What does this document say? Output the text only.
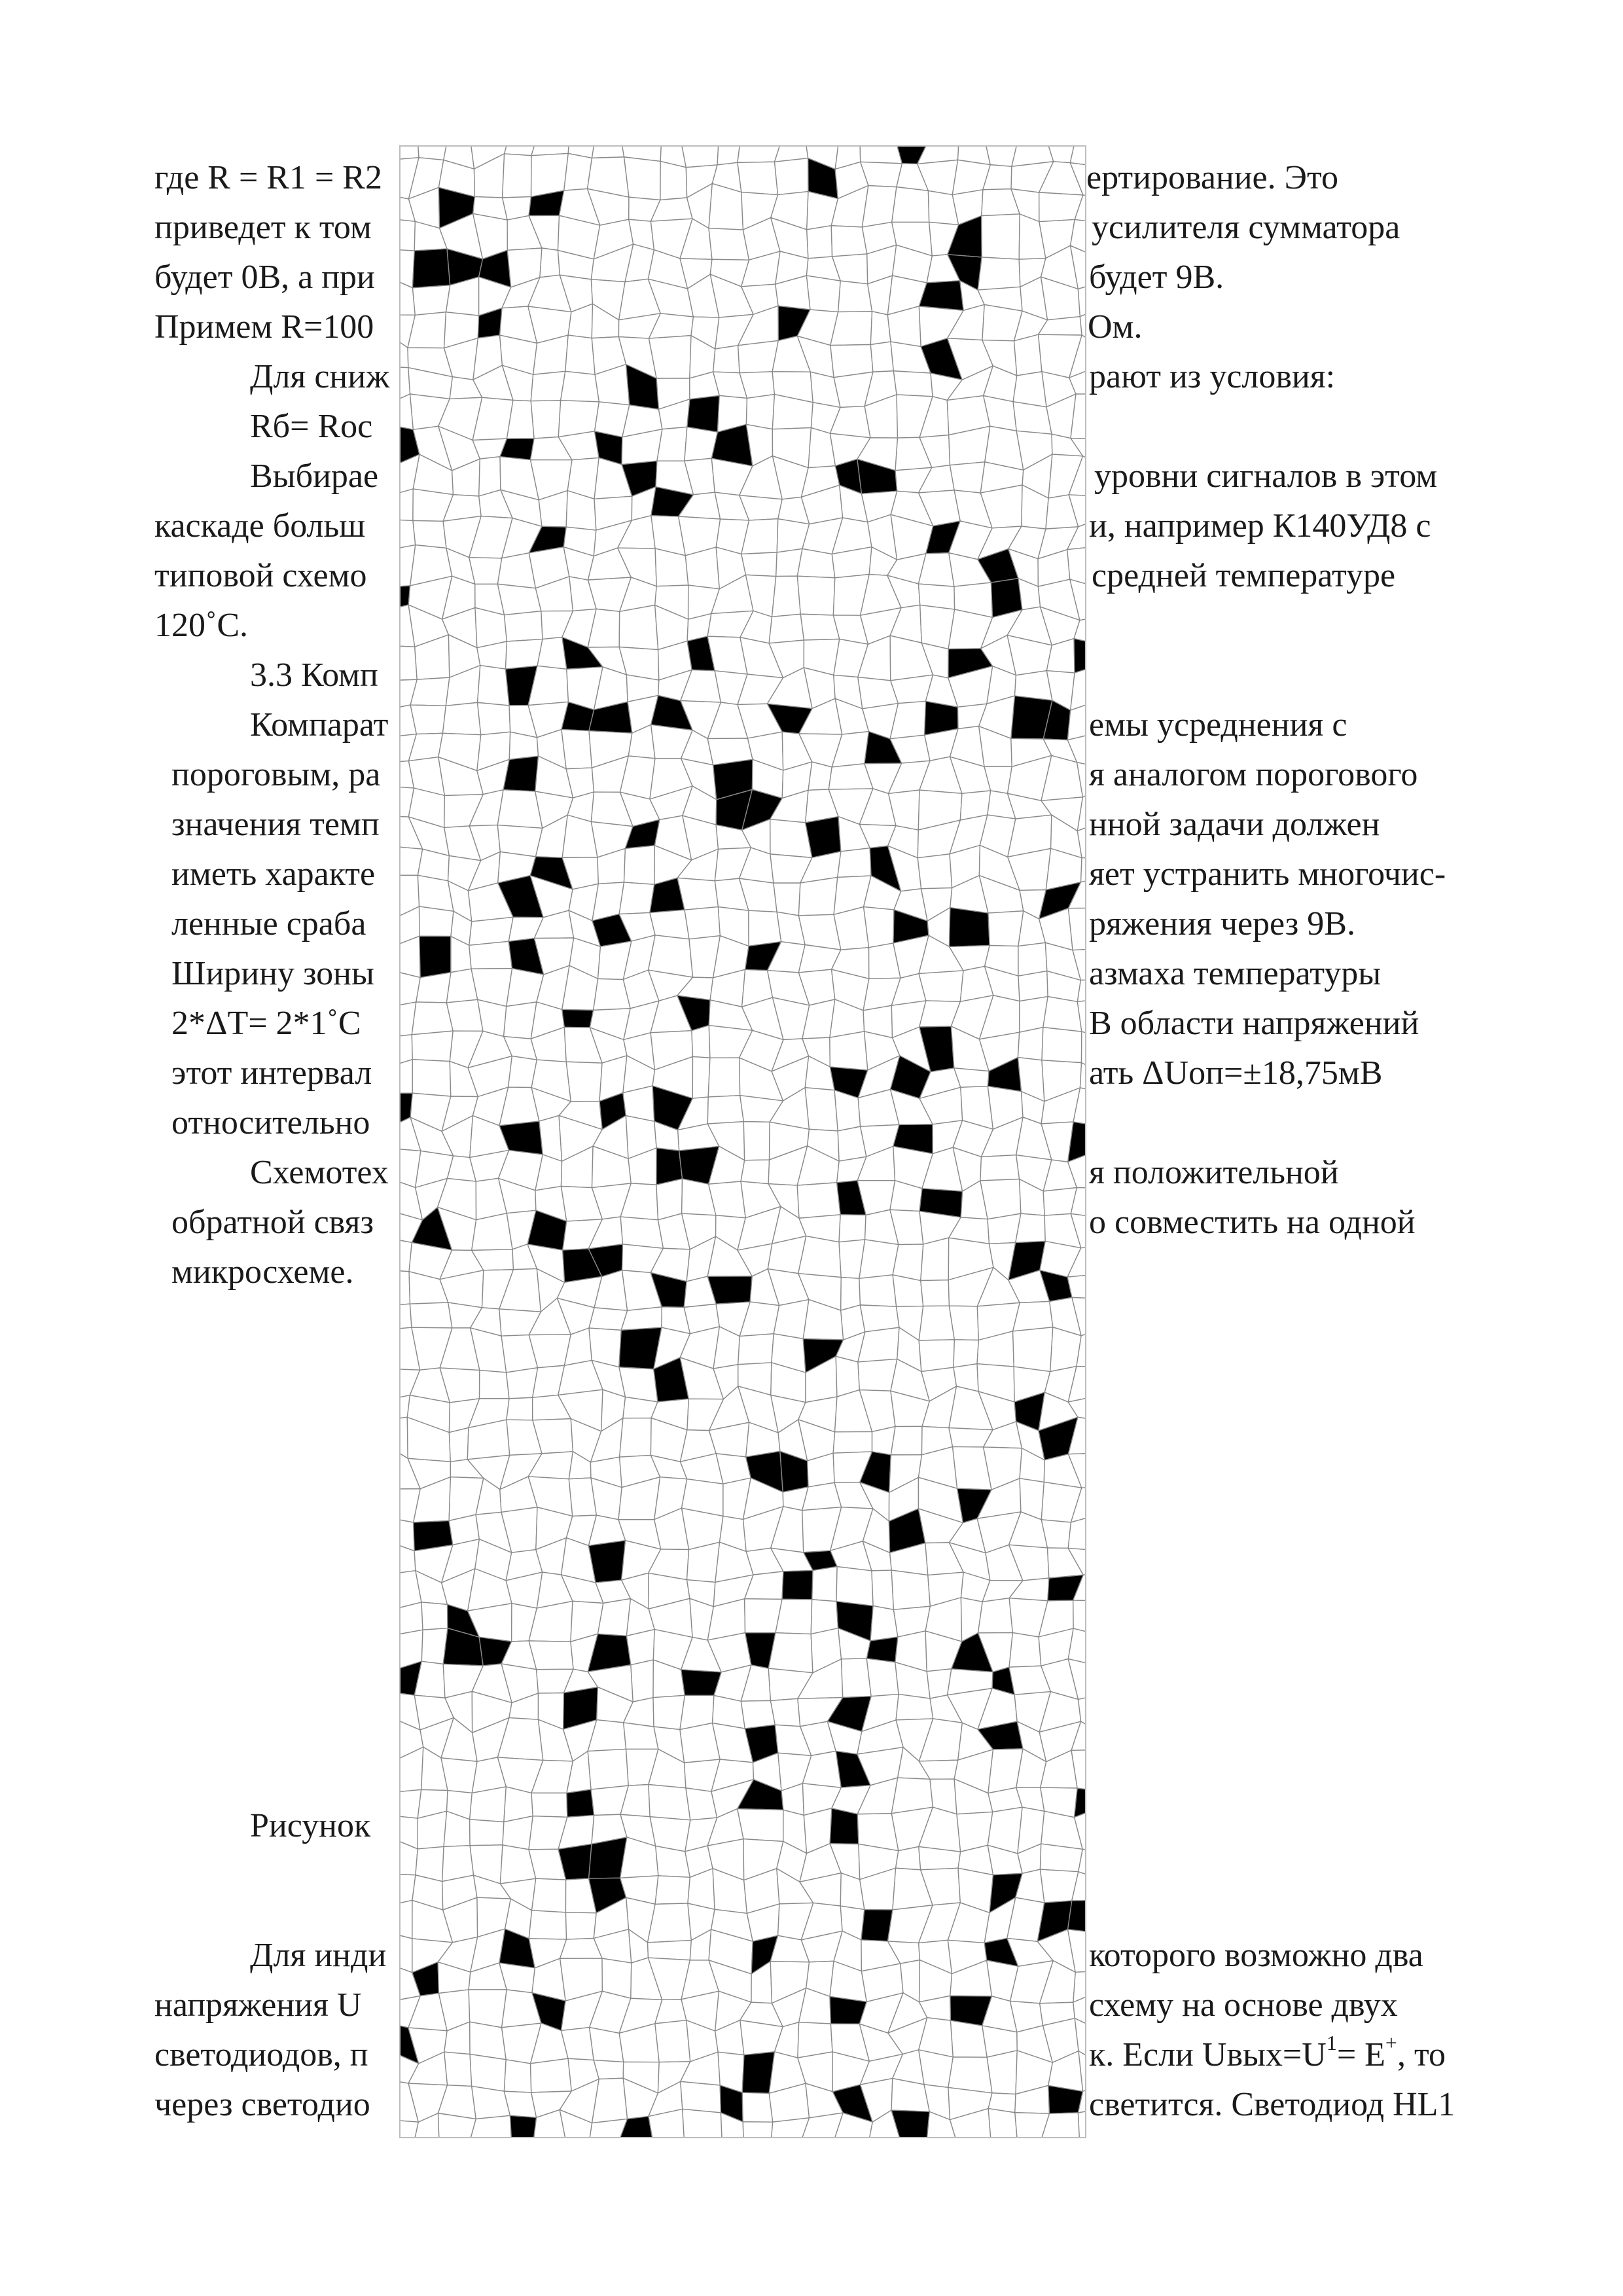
где R = R1 = R2
приведет к том
будет 0В, а при
Примем R=100
Для сниж
Rб= Roc
Выбирае
каскаде больш
типовой схемо
120˚С.
3.3 Комп
Компарат
пороговым, ра
значения темп
иметь характе
ленные сраба
Ширину зоны
2*ΔT= 2*1˚С
этот интервал
относительно
Схемотех
обратной связ
микросхеме.
Рисунок
Для инди
напряжения U
светодиодов, п
через светодио
ертирование. Это
усилителя сумматора
будет 9В.
Ом.
рают из условия:
уровни сигналов в этом
и, например К140УД8 с
средней температуре
емы усреднения с
я аналогом порогового
нной задачи должен
яет устранить многочис-
ряжения через 9В.
азмаха температуры
В области напряжений
ать ΔUоп=±18,75мВ
я положительной
о совместить на одной
которого возможно два
схему на основе двух
к. Если $Uвых=U^1= Е^+$, то
светится. Светодиод HL1
